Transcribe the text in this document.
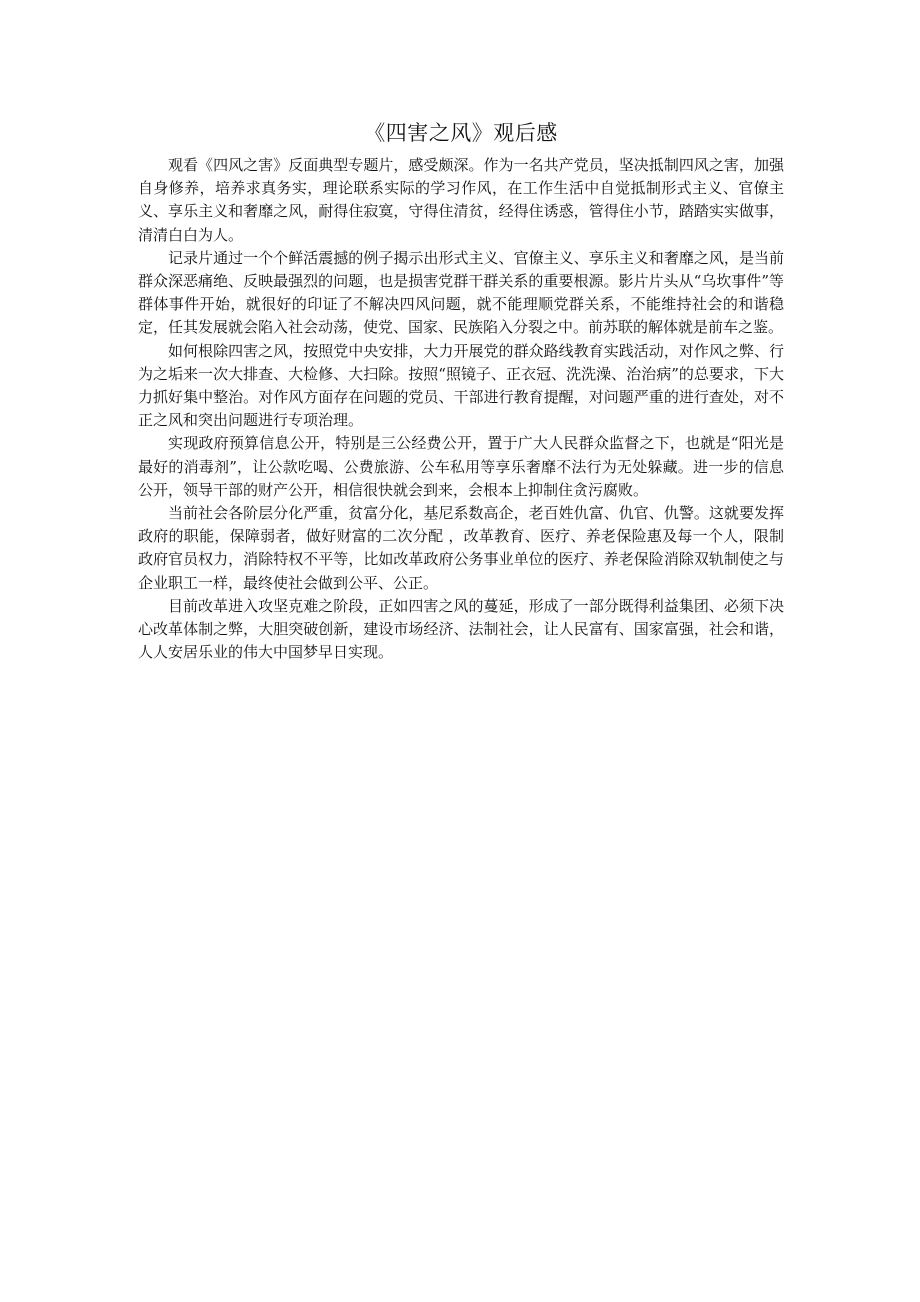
《四害之风》观后感

观看《四风之害》反面典型专题片，感受颇深。作为一名共产党员，坚决抵制四风之害，加强自身修养，培养求真务实，理论联系实际的学习作风，在工作生活中自觉抵制形式主义、官僚主义、享乐主义和奢靡之风，耐得住寂寞，守得住清贫，经得住诱惑，管得住小节，踏踏实实做事，清清白白为人。

记录片通过一个个鲜活震撼的例子揭示出形式主义、官僚主义、享乐主义和奢靡之风，是当前群众深恶痛绝、反映最强烈的问题，也是损害党群干群关系的重要根源。影片片头从“乌坎事件”等群体事件开始，就很好的印证了不解决四风问题，就不能理顺党群关系，不能维持社会的和谐稳定，任其发展就会陷入社会动荡，使党、国家、民族陷入分裂之中。前苏联的解体就是前车之鉴。

如何根除四害之风，按照党中央安排，大力开展党的群众路线教育实践活动，对作风之弊、行为之垢来一次大排查、大检修、大扫除。按照“照镜子、正衣冠、洗洗澡、治治病”的总要求，下大力抓好集中整治。对作风方面存在问题的党员、干部进行教育提醒，对问题严重的进行查处，对不正之风和突出问题进行专项治理。

实现政府预算信息公开，特别是三公经费公开，置于广大人民群众监督之下，也就是“阳光是最好的消毒剂”，让公款吃喝、公费旅游、公车私用等享乐奢靡不法行为无处躲藏。进一步的信息公开，领导干部的财产公开，相信很快就会到来，会根本上抑制住贪污腐败。

当前社会各阶层分化严重，贫富分化，基尼系数高企，老百姓仇富、仇官、仇警。这就要发挥政府的职能，保障弱者，做好财富的二次分配 ，改革教育、医疗、养老保险惠及每一个人，限制政府官员权力，消除特权不平等，比如改革政府公务事业单位的医疗、养老保险消除双轨制使之与企业职工一样，最终使社会做到公平、公正。

目前改革进入攻坚克难之阶段，正如四害之风的蔓延，形成了一部分既得利益集团、必须下决心改革体制之弊，大胆突破创新，建设市场经济、法制社会，让人民富有、国家富强，社会和谐，人人安居乐业的伟大中国梦早日实现。
